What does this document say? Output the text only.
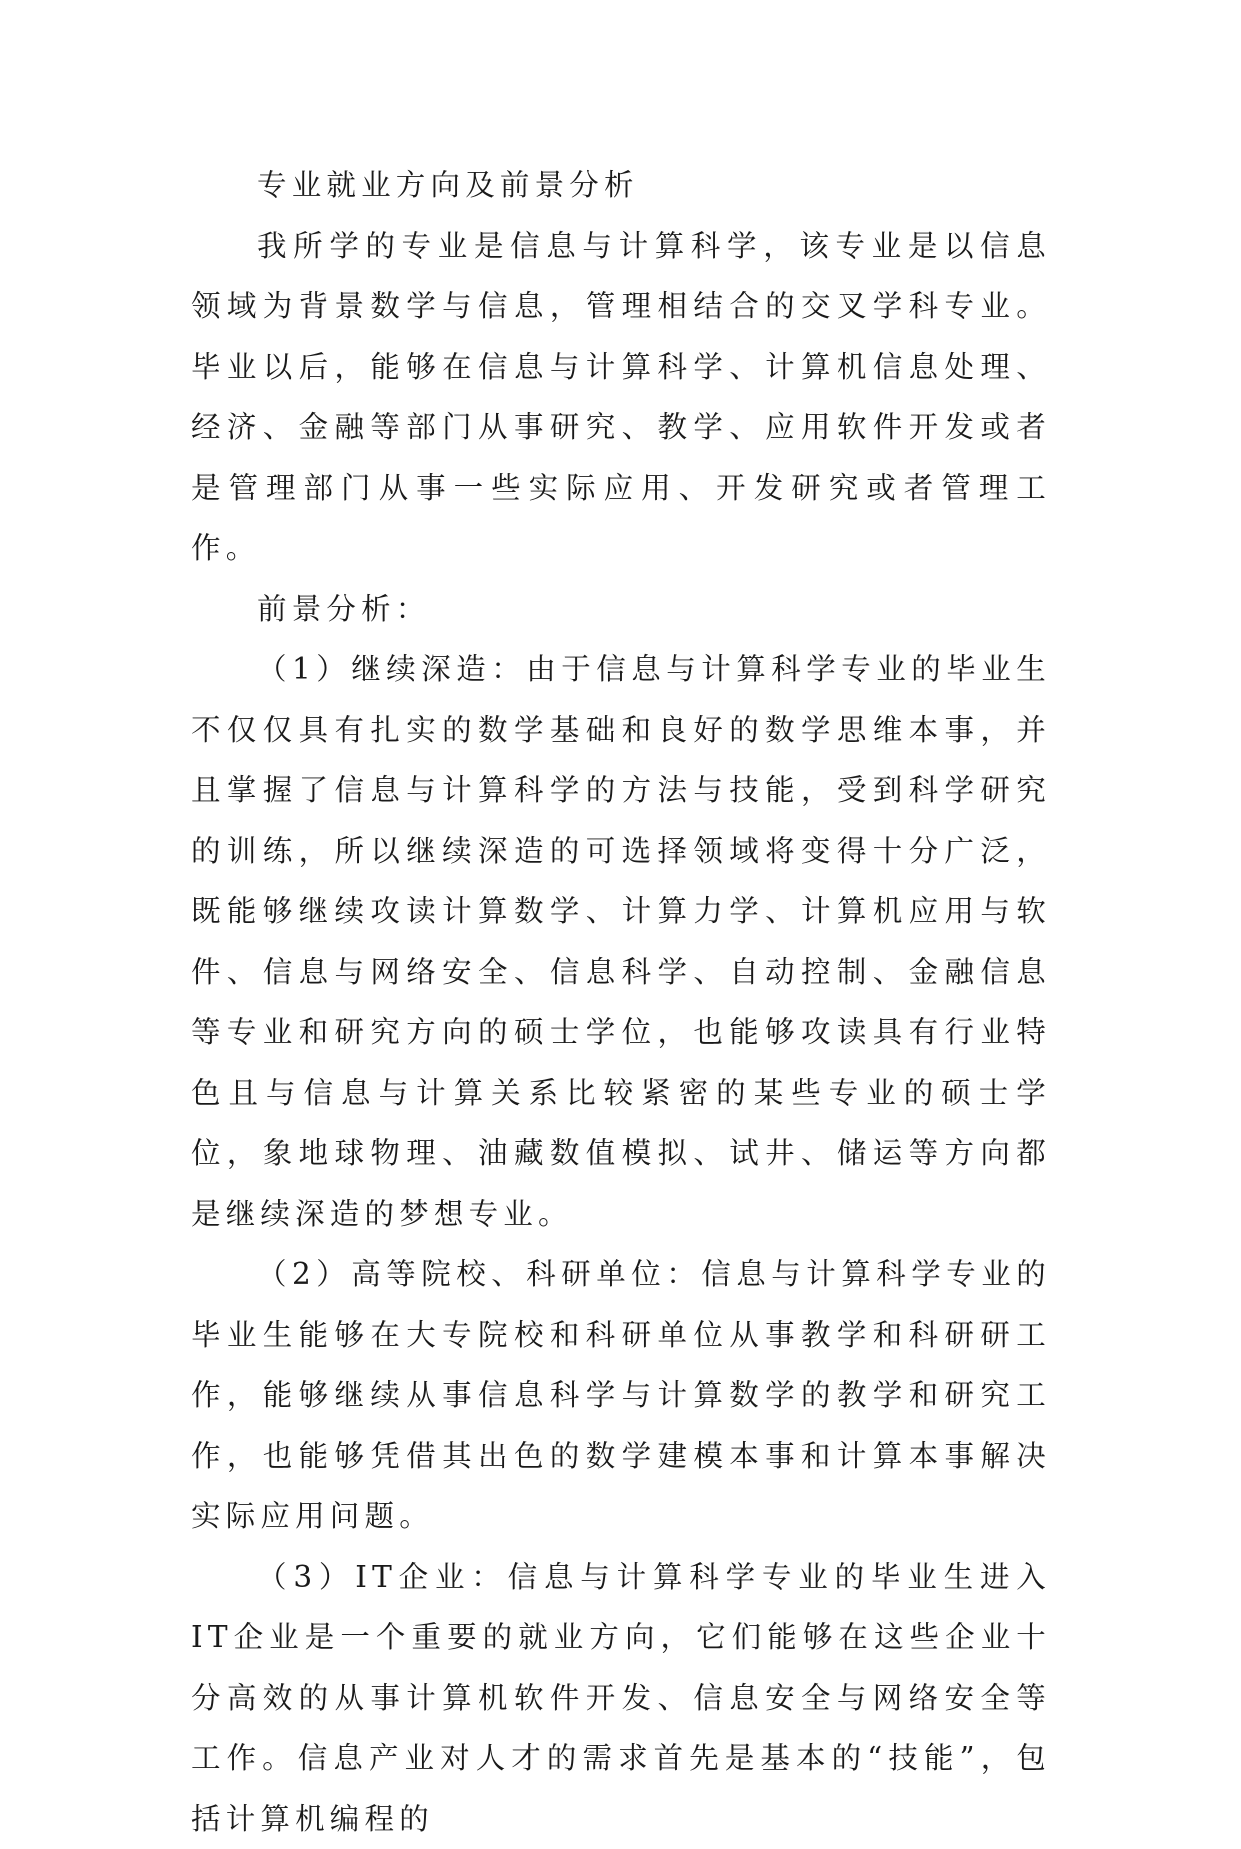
专业就业方向及前景分析

我所学的专业是信息与计算科学，该专业是以信息领域为背景数学与信息，管理相结合的交叉学科专业。毕业以后，能够在信息与计算科学、计算机信息处理、经济、金融等部门从事研究、教学、应用软件开发或者是管理部门从事一些实际应用、开发研究或者管理工作。

前景分析：

（1）继续深造：由于信息与计算科学专业的毕业生不仅仅具有扎实的数学基础和良好的数学思维本事，并且掌握了信息与计算科学的方法与技能，受到科学研究的训练，所以继续深造的可选择领域将变得十分广泛，既能够继续攻读计算数学、计算力学、计算机应用与软件、信息与网络安全、信息科学、自动控制、金融信息等专业和研究方向的硕士学位，也能够攻读具有行业特色且与信息与计算关系比较紧密的某些专业的硕士学位，象地球物理、油藏数值模拟、试井、储运等方向都是继续深造的梦想专业。

（2）高等院校、科研单位：信息与计算科学专业的毕业生能够在大专院校和科研单位从事教学和科研研工作，能够继续从事信息科学与计算数学的教学和研究工作，也能够凭借其出色的数学建模本事和计算本事解决实际应用问题。

（3）IT企业：信息与计算科学专业的毕业生进入IT企业是一个重要的就业方向，它们能够在这些企业十分高效的从事计算机软件开发、信息安全与网络安全等工作。信息产业对人才的需求首先是基本的“技能”，包括计算机编程的
